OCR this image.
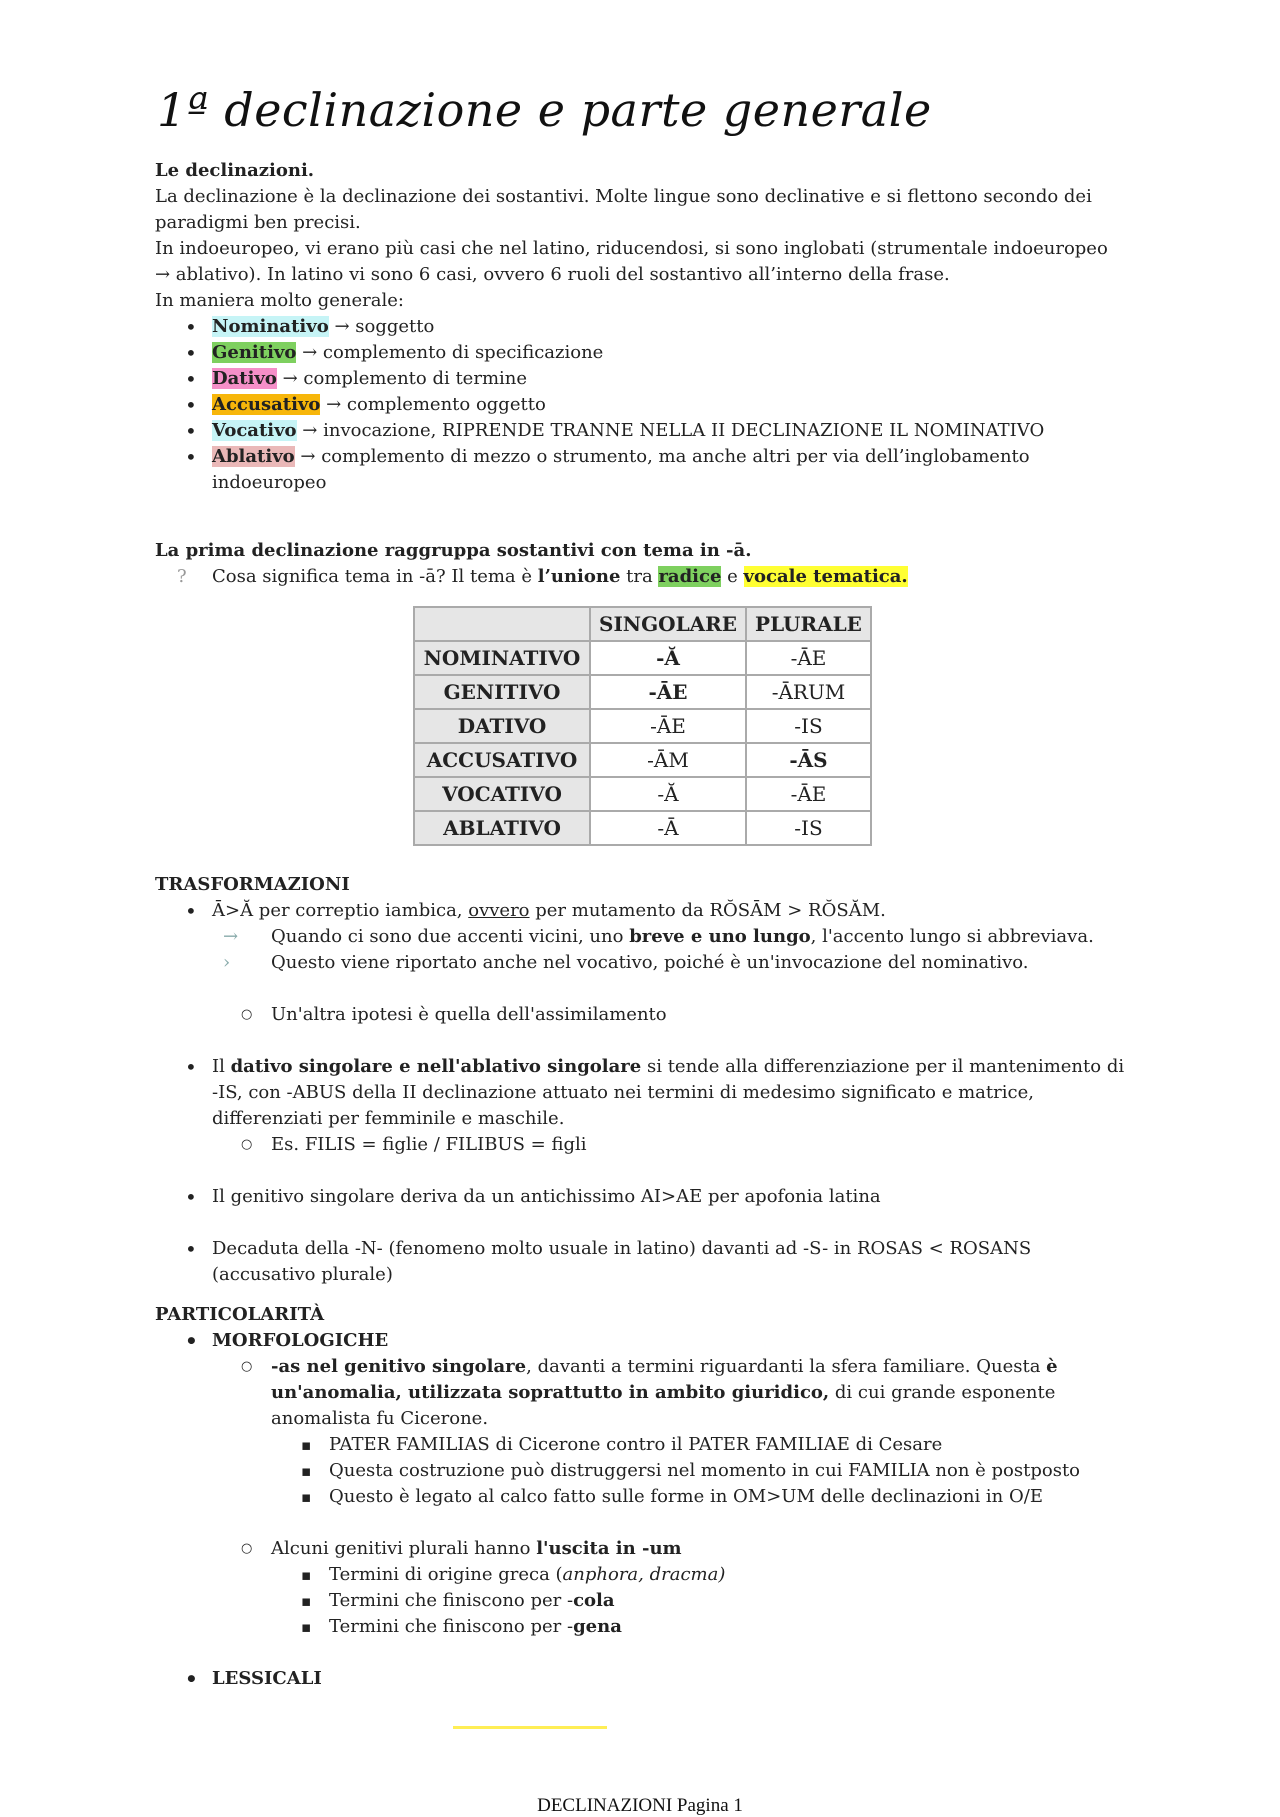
1ª declinazione e parte generale

Le declinazioni.

La declinazione è la declinazione dei sostantivi. Molte lingue sono declinative e si flettono secondo dei paradigmi ben precisi.

In indoeuropeo, vi erano più casi che nel latino, riducendosi, si sono inglobati (strumentale indoeuropeo → ablativo). In latino vi sono 6 casi, ovvero 6 ruoli del sostantivo all’interno della frase.

In maniera molto generale:

• Nominativo → soggetto
• Genitivo → complemento di specificazione
• Dativo → complemento di termine
• Accusativo → complemento oggetto
• Vocativo → invocazione, RIPRENDE TRANNE NELLA II DECLINAZIONE IL NOMINATIVO
• Ablativo → complemento di mezzo o strumento, ma anche altri per via dell’inglobamento indoeuropeo

La prima declinazione raggruppa sostantivi con tema in -ā.

? Cosa significa tema in -ā? Il tema è l’unione tra radice e vocale tematica.
	SINGOLARE	PLURALE
NOMINATIVO	-Ă	-ĀE
GENITIVO	-ĀE	-ĀRUM
DATIVO	-ĀE	-IS
ACCUSATIVO	-ĀM	-ĀS
VOCATIVO	-Ă	-ĀE
ABLATIVO	-Ā	-IS

TRASFORMAZIONI

• Ā>Ă per correptio iambica, ovvero per mutamento da RŎSĀM > RŎSĂM.
→ Quando ci sono due accenti vicini, uno breve e uno lungo, l'accento lungo si abbreviava.
› Questo viene riportato anche nel vocativo, poiché è un'invocazione del nominativo.
○ Un'altra ipotesi è quella dell'assimilamento
• Il dativo singolare e nell'ablativo singolare si tende alla differenziazione per il mantenimento di -IS, con -ABUS della II declinazione attuato nei termini di medesimo significato e matrice, differenziati per femminile e maschile.
○ Es. FILIS = figlie / FILIBUS = figli
• Il genitivo singolare deriva da un antichissimo AI>AE per apofonia latina
• Decaduta della -N- (fenomeno molto usuale in latino) davanti ad -S- in ROSAS < ROSANS (accusativo plurale)

PARTICOLARITÀ

• MORFOLOGICHE
○ -as nel genitivo singolare, davanti a termini riguardanti la sfera familiare. Questa è un'anomalia, utilizzata soprattutto in ambito giuridico, di cui grande esponente anomalista fu Cicerone.
▪ PATER FAMILIAS di Cicerone contro il PATER FAMILIAE di Cesare
▪ Questa costruzione può distruggersi nel momento in cui FAMILIA non è postposto
▪ Questo è legato al calco fatto sulle forme in OM>UM delle declinazioni in O/E
○ Alcuni genitivi plurali hanno l'uscita in -um
▪ Termini di origine greca (anphora, dracma)
▪ Termini che finiscono per -cola
▪ Termini che finiscono per -gena
• LESSICALI
DECLINAZIONI Pagina 1
